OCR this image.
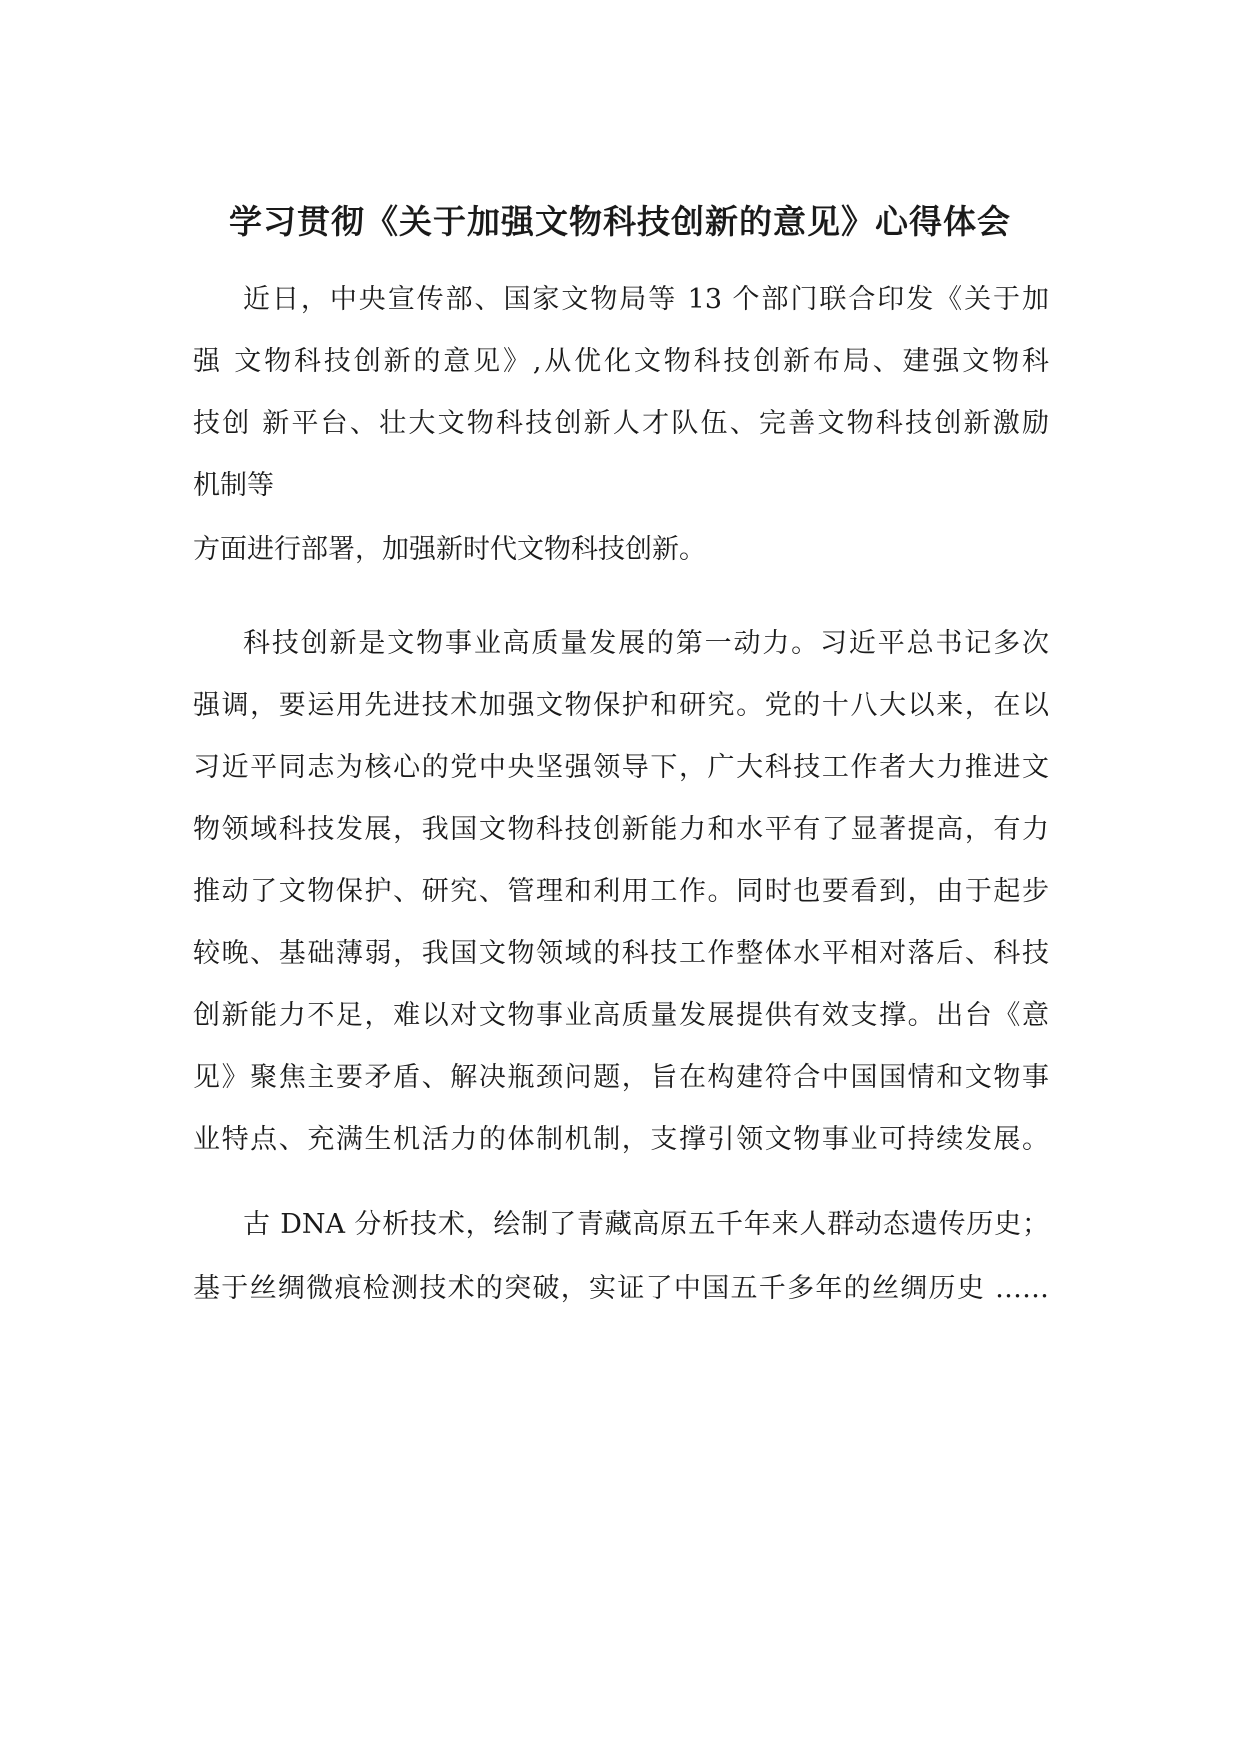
学习贯彻《关于加强文物科技创新的意见》心得体会

近日，中央宣传部、国家文物局等 13 个部门联合印发《关于加

强 文物科技创新的意见》,从优化文物科技创新布局、建强文物科

技创 新平台、壮大文物科技创新人才队伍、完善文物科技创新激励

机制等

方面进行部署，加强新时代文物科技创新。

科技创新是文物事业高质量发展的第一动力。习近平总书记多次

强调，要运用先进技术加强文物保护和研究。党的十八大以来，在以

习近平同志为核心的党中央坚强领导下，广大科技工作者大力推进文

物领域科技发展，我国文物科技创新能力和水平有了显著提高，有力

推动了文物保护、研究、管理和利用工作。同时也要看到，由于起步

较晚、基础薄弱，我国文物领域的科技工作整体水平相对落后、科技

创新能力不足，难以对文物事业高质量发展提供有效支撑。出台《意

见》聚焦主要矛盾、解决瓶颈问题，旨在构建符合中国国情和文物事

业特点、充满生机活力的体制机制，支撑引领文物事业可持续发展。

古 DNA 分析技术，绘制了青藏高原五千年来人群动态遗传历史；

基于丝绸微痕检测技术的突破，实证了中国五千多年的丝绸历史 ……
